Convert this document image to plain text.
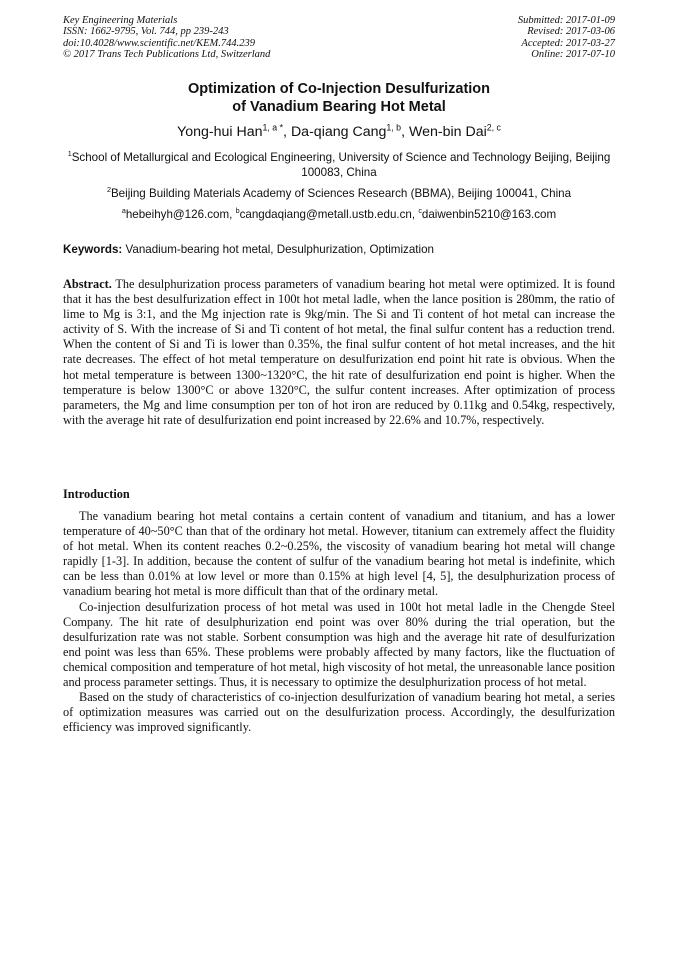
Key Engineering Materials
ISSN: 1662-9795, Vol. 744, pp 239-243
doi:10.4028/www.scientific.net/KEM.744.239
© 2017 Trans Tech Publications Ltd, Switzerland
Submitted: 2017-01-09
Revised: 2017-03-06
Accepted: 2017-03-27
Online: 2017-07-10
Optimization of Co-Injection Desulfurization
of Vanadium Bearing Hot Metal
Yong-hui Han$^{1, a *}$, Da-qiang Cang$^{1, b}$, Wen-bin Dai$^{2, c}$
$^1$School of Metallurgical and Ecological Engineering, University of Science and Technology Beijing, Beijing 100083, China
$^2$Beijing Building Materials Academy of Sciences Research (BBMA), Beijing 100041, China
$^a$hebeihyh@126.com, $^b$cangdaqiang@metall.ustb.edu.cn, $^c$daiwenbin5210@163.com
Keywords: Vanadium-bearing hot metal, Desulphurization, Optimization
Abstract. The desulphurization process parameters of vanadium bearing hot metal were optimized. It is found that it has the best desulfurization effect in 100t hot metal ladle, when the lance position is 280mm, the ratio of lime to Mg is 3:1, and the Mg injection rate is 9kg/min. The Si and Ti content of hot metal can increase the activity of S. With the increase of Si and Ti content of hot metal, the final sulfur content has a reduction trend. When the content of Si and Ti is lower than 0.35%, the final sulfur content of hot metal increases, and the hit rate decreases. The effect of hot metal temperature on desulfurization end point hit rate is obvious. When the hot metal temperature is between 1300~1320°C, the hit rate of desulfurization end point is higher. When the temperature is below 1300°C or above 1320°C, the sulfur content increases. After optimization of process parameters, the Mg and lime consumption per ton of hot iron are reduced by 0.11kg and 0.54kg, respectively, with the average hit rate of desulfurization end point increased by 22.6% and 10.7%, respectively.
Introduction

The vanadium bearing hot metal contains a certain content of vanadium and titanium, and has a lower temperature of 40~50°C than that of the ordinary hot metal. However, titanium can extremely affect the fluidity of hot metal. When its content reaches 0.2~0.25%, the viscosity of vanadium bearing hot metal will change rapidly [1-3]. In addition, because the content of sulfur of the vanadium bearing hot metal is indefinite, which can be less than 0.01% at low level or more than 0.15% at high level [4, 5], the desulphurization process of vanadium bearing hot metal is more difficult than that of the ordinary metal.

Co-injection desulfurization process of hot metal was used in 100t hot metal ladle in the Chengde Steel Company. The hit rate of desulphurization end point was over 80% during the trial operation, but the desulfurization rate was not stable. Sorbent consumption was high and the average hit rate of desulfurization end point was less than 65%. These problems were probably affected by many factors, like the fluctuation of chemical composition and temperature of hot metal, high viscosity of hot metal, the unreasonable lance position and process parameter settings. Thus, it is necessary to optimize the desulphurization process of hot metal.

Based on the study of characteristics of co-injection desulfurization of vanadium bearing hot metal, a series of optimization measures was carried out on the desulfurization process. Accordingly, the desulfurization efficiency was improved significantly.
